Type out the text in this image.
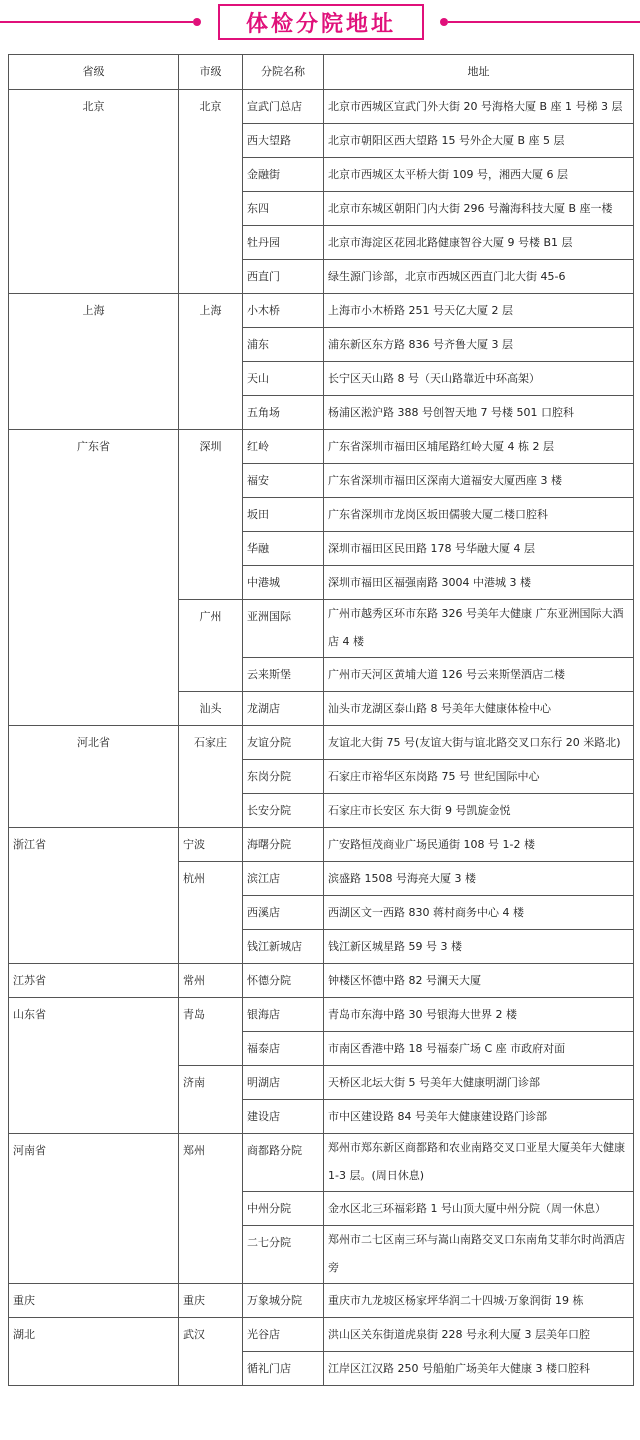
体检分院地址
省级	市级	分院名称	地址
北京	北京	宣武门总店	北京市西城区宣武门外大街 20 号海格大厦 B 座 1 号梯 3 层
		西大望路	北京市朝阳区西大望路 15 号外企大厦 B 座 5 层
		金融街	北京市西城区太平桥大街 109 号，湘西大厦 6 层
		东四	北京市东城区朝阳门内大街 296 号瀚海科技大厦 B 座一楼
		牡丹园	北京市海淀区花园北路健康智谷大厦 9 号楼 B1 层
		西直门	绿生源门诊部，北京市西城区西直门北大街 45-6
上海	上海	小木桥	上海市小木桥路 251 号天亿大厦 2 层
		浦东	浦东新区东方路 836 号齐鲁大厦 3 层
		天山	长宁区天山路 8 号（天山路靠近中环高架）
		五角场	杨浦区淞沪路 388 号创智天地 7 号楼 501 口腔科
广东省	深圳	红岭	广东省深圳市福田区埔尾路红岭大厦 4 栋 2 层
		福安	广东省深圳市福田区深南大道福安大厦西座 3 楼
		坂田	广东省深圳市龙岗区坂田儒骏大厦二楼口腔科
		华融	深圳市福田区民田路 178 号华融大厦 4 层
		中港城	深圳市福田区福强南路 3004 中港城 3 楼
	广州	亚洲国际	广州市越秀区环市东路 326 号美年大健康 广东亚洲国际大酒店 4 楼
		云来斯堡	广州市天河区黄埔大道 126 号云来斯堡酒店二楼
	汕头	龙湖店	汕头市龙湖区泰山路 8 号美年大健康体检中心
河北省	石家庄	友谊分院	友谊北大街 75 号(友谊大街与谊北路交叉口东行 20 米路北)
		东岗分院	石家庄市裕华区东岗路 75 号 世纪国际中心
		长安分院	石家庄市长安区 东大街 9 号凯旋金悦
浙江省	宁波	海曙分院	广安路恒茂商业广场民通街 108 号 1-2 楼
	杭州	滨江店	滨盛路 1508 号海亮大厦 3 楼
		西溪店	西湖区文一西路 830 蒋村商务中心 4 楼
		钱江新城店	钱江新区城星路 59 号 3 楼
江苏省	常州	怀德分院	钟楼区怀德中路 82 号澜天大厦
山东省	青岛	银海店	青岛市东海中路 30 号银海大世界 2 楼
		福泰店	市南区香港中路 18 号福泰广场 C 座 市政府对面
	济南	明湖店	天桥区北坛大街 5 号美年大健康明湖门诊部
		建设店	市中区建设路 84 号美年大健康建设路门诊部
河南省	郑州	商都路分院	郑州市郑东新区商都路和农业南路交叉口亚星大厦美年大健康 1-3 层。(周日休息)
		中州分院	金水区北三环福彩路 1 号山顶大厦中州分院（周一休息）
		二七分院	郑州市二七区南三环与嵩山南路交叉口东南角艾菲尔时尚酒店旁
重庆	重庆	万象城分院	重庆市九龙坡区杨家坪华润二十四城·万象润街 19 栋
湖北	武汉	光谷店	洪山区关东街道虎泉街 228 号永利大厦 3 层美年口腔
		循礼门店	江岸区江汉路 250 号船舶广场美年大健康 3 楼口腔科
